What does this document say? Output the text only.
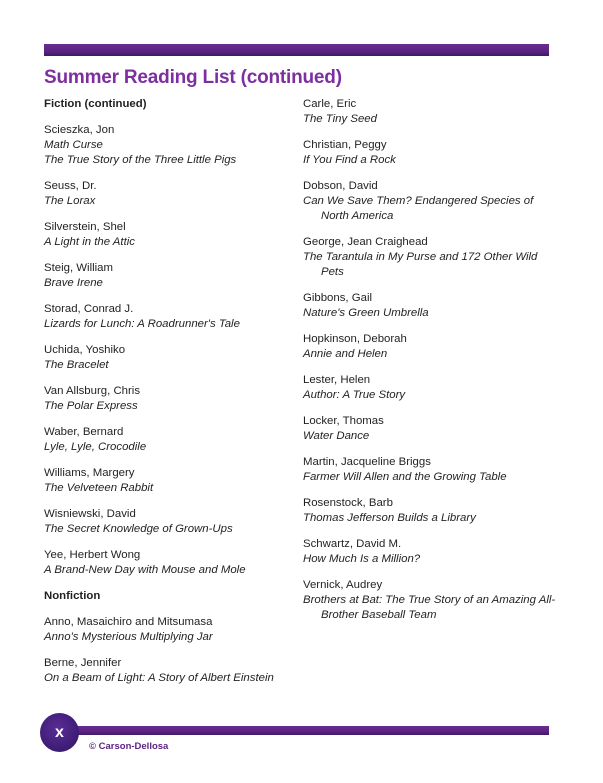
Summer Reading List (continued)
Fiction (continued)
Scieszka, Jon
Math Curse
The True Story of the Three Little Pigs
Seuss, Dr.
The Lorax
Silverstein, Shel
A Light in the Attic
Steig, William
Brave Irene
Storad, Conrad J.
Lizards for Lunch: A Roadrunner's Tale
Uchida, Yoshiko
The Bracelet
Van Allsburg, Chris
The Polar Express
Waber, Bernard
Lyle, Lyle, Crocodile
Williams, Margery
The Velveteen Rabbit
Wisniewski, David
The Secret Knowledge of Grown-Ups
Yee, Herbert Wong
A Brand-New Day with Mouse and Mole
Nonfiction
Anno, Masaichiro and Mitsumasa
Anno's Mysterious Multiplying Jar
Berne, Jennifer
On a Beam of Light: A Story of Albert Einstein
Carle, Eric
The Tiny Seed
Christian, Peggy
If You Find a Rock
Dobson, David
Can We Save Them? Endangered Species of North America
George, Jean Craighead
The Tarantula in My Purse and 172 Other Wild Pets
Gibbons, Gail
Nature's Green Umbrella
Hopkinson, Deborah
Annie and Helen
Lester, Helen
Author: A True Story
Locker, Thomas
Water Dance
Martin, Jacqueline Briggs
Farmer Will Allen and the Growing Table
Rosenstock, Barb
Thomas Jefferson Builds a Library
Schwartz, David M.
How Much Is a Million?
Vernick, Audrey
Brothers at Bat: The True Story of an Amazing All-Brother Baseball Team
x
© Carson-Dellosa
